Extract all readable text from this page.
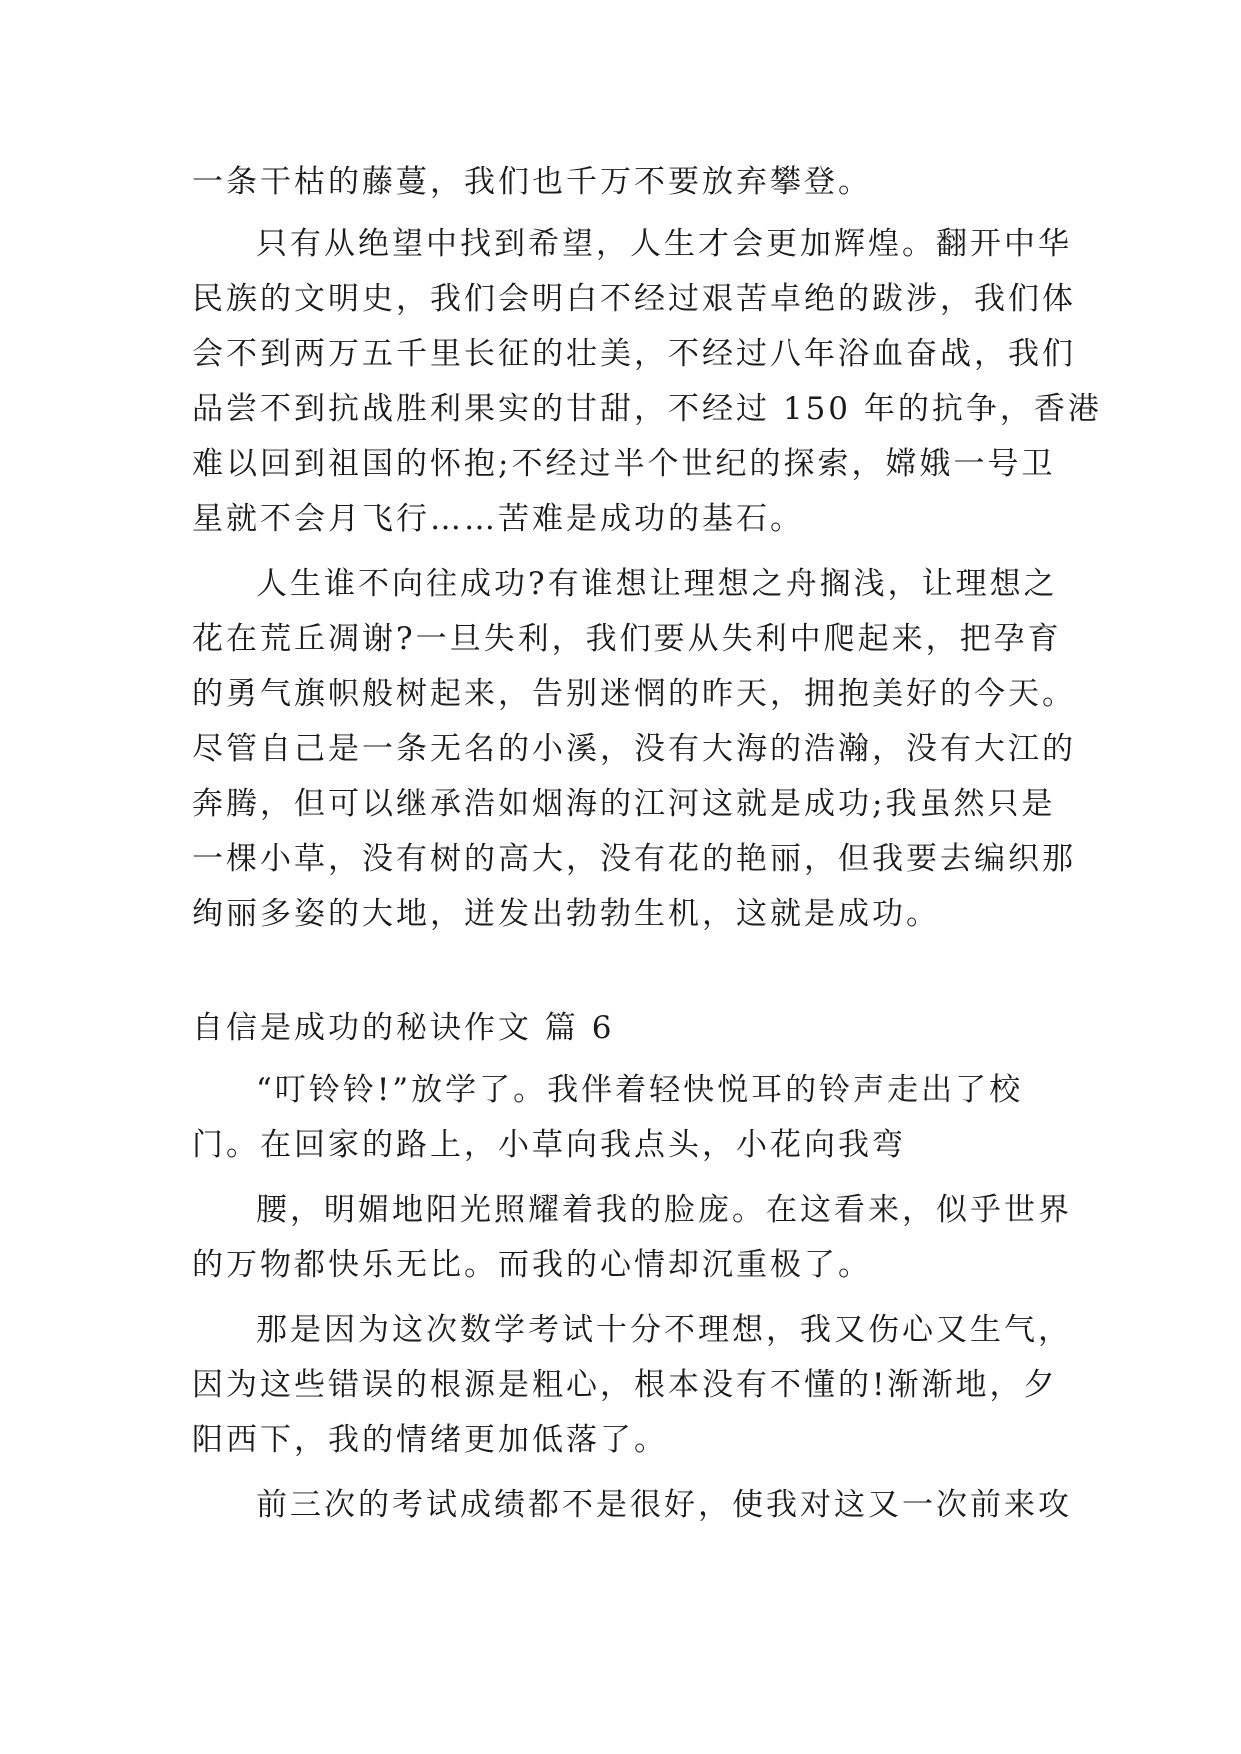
一条干枯的藤蔓，我们也千万不要放弃攀登。
只有从绝望中找到希望，人生才会更加辉煌。翻开中华
民族的文明史，我们会明白不经过艰苦卓绝的跋涉，我们体
会不到两万五千里长征的壮美，不经过八年浴血奋战，我们
品尝不到抗战胜利果实的甘甜，不经过 150 年的抗争，香港
难以回到祖国的怀抱;不经过半个世纪的探索，嫦娥一号卫
星就不会月飞行……苦难是成功的基石。
人生谁不向往成功?有谁想让理想之舟搁浅，让理想之
花在荒丘凋谢?一旦失利，我们要从失利中爬起来，把孕育
的勇气旗帜般树起来，告别迷惘的昨天，拥抱美好的今天。
尽管自己是一条无名的小溪，没有大海的浩瀚，没有大江的
奔腾，但可以继承浩如烟海的江河这就是成功;我虽然只是
一棵小草，没有树的高大，没有花的艳丽，但我要去编织那
绚丽多姿的大地，迸发出勃勃生机，这就是成功。
自信是成功的秘诀作文 篇 6
“叮铃铃!”放学了。我伴着轻快悦耳的铃声走出了校
门。在回家的路上，小草向我点头，小花向我弯
腰，明媚地阳光照耀着我的脸庞。在这看来，似乎世界
的万物都快乐无比。而我的心情却沉重极了。
那是因为这次数学考试十分不理想，我又伤心又生气，
因为这些错误的根源是粗心，根本没有不懂的!渐渐地，夕
阳西下，我的情绪更加低落了。
前三次的考试成绩都不是很好，使我对这又一次前来攻
